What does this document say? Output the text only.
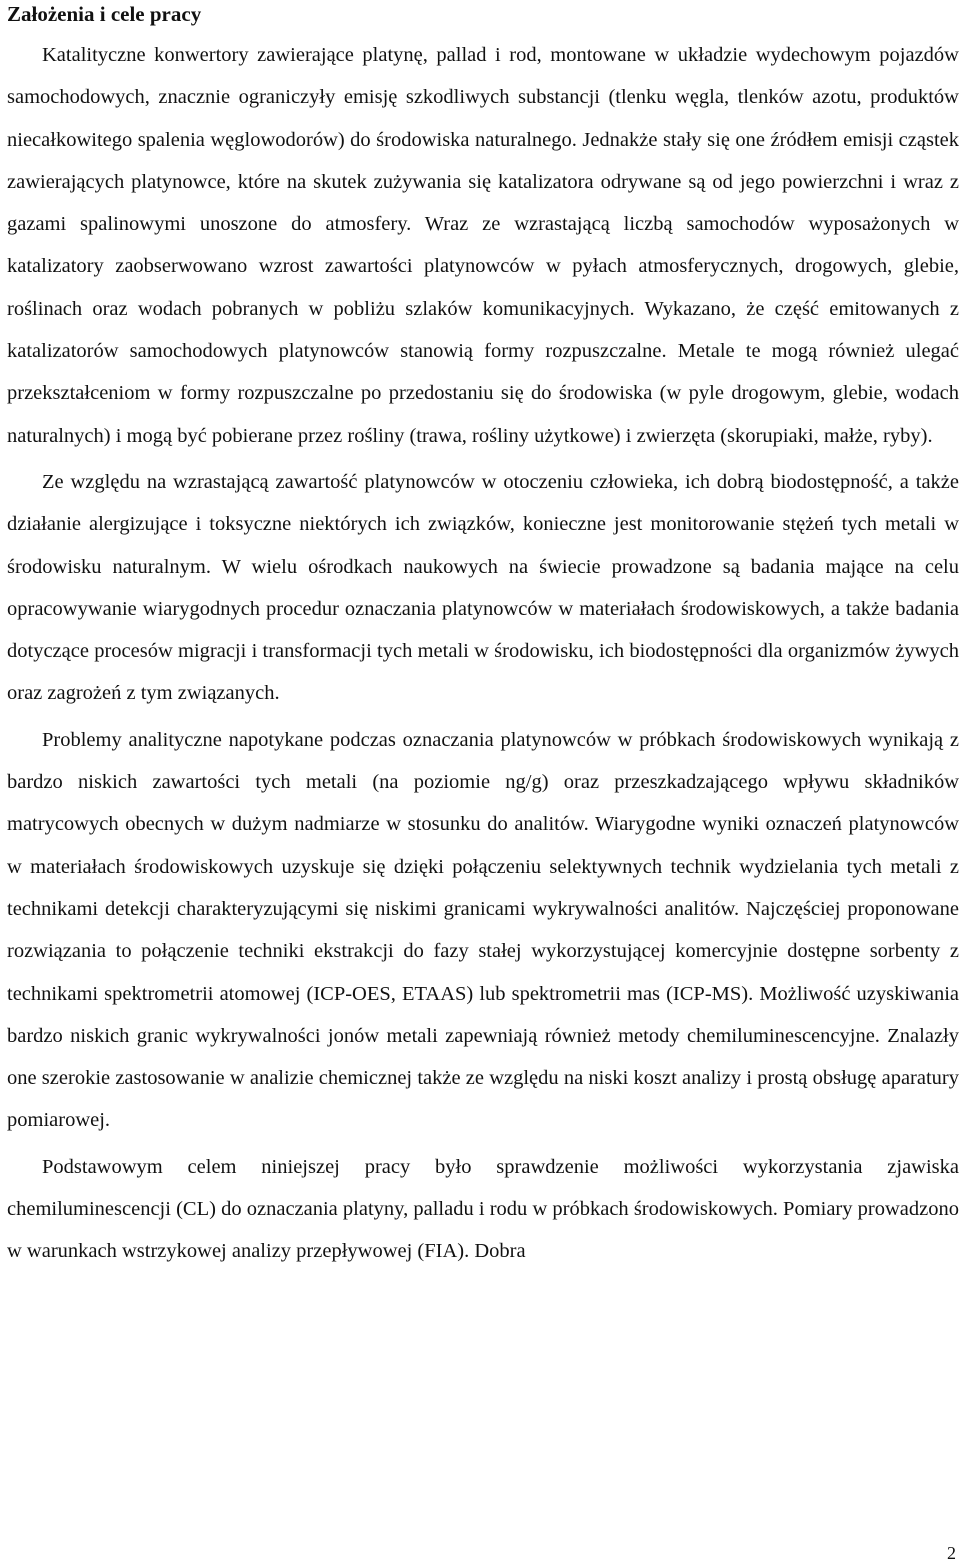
Założenia i cele pracy

Katalityczne konwertory zawierające platynę, pallad i rod, montowane w układzie wydechowym pojazdów samochodowych, znacznie ograniczyły emisję szkodliwych substancji (tlenku węgla, tlenków azotu, produktów niecałkowitego spalenia węglowodorów) do środowiska naturalnego. Jednakże stały się one źródłem emisji cząstek zawierających platynowce, które na skutek zużywania się katalizatora odrywane są od jego powierzchni i wraz z gazami spalinowymi unoszone do atmosfery. Wraz ze wzrastającą liczbą samochodów wyposażonych w katalizatory zaobserwowano wzrost zawartości platynowców w pyłach atmosferycznych, drogowych, glebie, roślinach oraz wodach pobranych w pobliżu szlaków komunikacyjnych. Wykazano, że część emitowanych z katalizatorów samochodowych platynowców stanowią formy rozpuszczalne. Metale te mogą również ulegać przekształceniom w formy rozpuszczalne po przedostaniu się do środowiska (w pyle drogowym, glebie, wodach naturalnych) i mogą być pobierane przez rośliny (trawa, rośliny użytkowe) i zwierzęta (skorupiaki, małże, ryby).

Ze względu na wzrastającą zawartość platynowców w otoczeniu człowieka, ich dobrą biodostępność, a także działanie alergizujące i toksyczne niektórych ich związków, konieczne jest monitorowanie stężeń tych metali w środowisku naturalnym. W wielu ośrodkach naukowych na świecie prowadzone są badania mające na celu opracowywanie wiarygodnych procedur oznaczania platynowców w materiałach środowiskowych, a także badania dotyczące procesów migracji i transformacji tych metali w środowisku, ich biodostępności dla organizmów żywych oraz zagrożeń z tym związanych.

Problemy analityczne napotykane podczas oznaczania platynowców w próbkach środowiskowych wynikają z bardzo niskich zawartości tych metali (na poziomie ng/g) oraz przeszkadzającego wpływu składników matrycowych obecnych w dużym nadmiarze w stosunku do analitów. Wiarygodne wyniki oznaczeń platynowców w materiałach środowiskowych uzyskuje się dzięki połączeniu selektywnych technik wydzielania tych metali z technikami detekcji charakteryzującymi się niskimi granicami wykrywalności analitów. Najczęściej proponowane rozwiązania to połączenie techniki ekstrakcji do fazy stałej wykorzystującej komercyjnie dostępne sorbenty z technikami spektrometrii atomowej (ICP-OES, ETAAS) lub spektrometrii mas (ICP-MS). Możliwość uzyskiwania bardzo niskich granic wykrywalności jonów metali zapewniają również metody chemiluminescencyjne. Znalazły one szerokie zastosowanie w analizie chemicznej także ze względu na niski koszt analizy i prostą obsługę aparatury pomiarowej.

Podstawowym celem niniejszej pracy było sprawdzenie możliwości wykorzystania zjawiska chemiluminescencji (CL) do oznaczania platyny, palladu i rodu w próbkach środowiskowych. Pomiary prowadzono w warunkach wstrzykowej analizy przepływowej (FIA). Dobra

2
